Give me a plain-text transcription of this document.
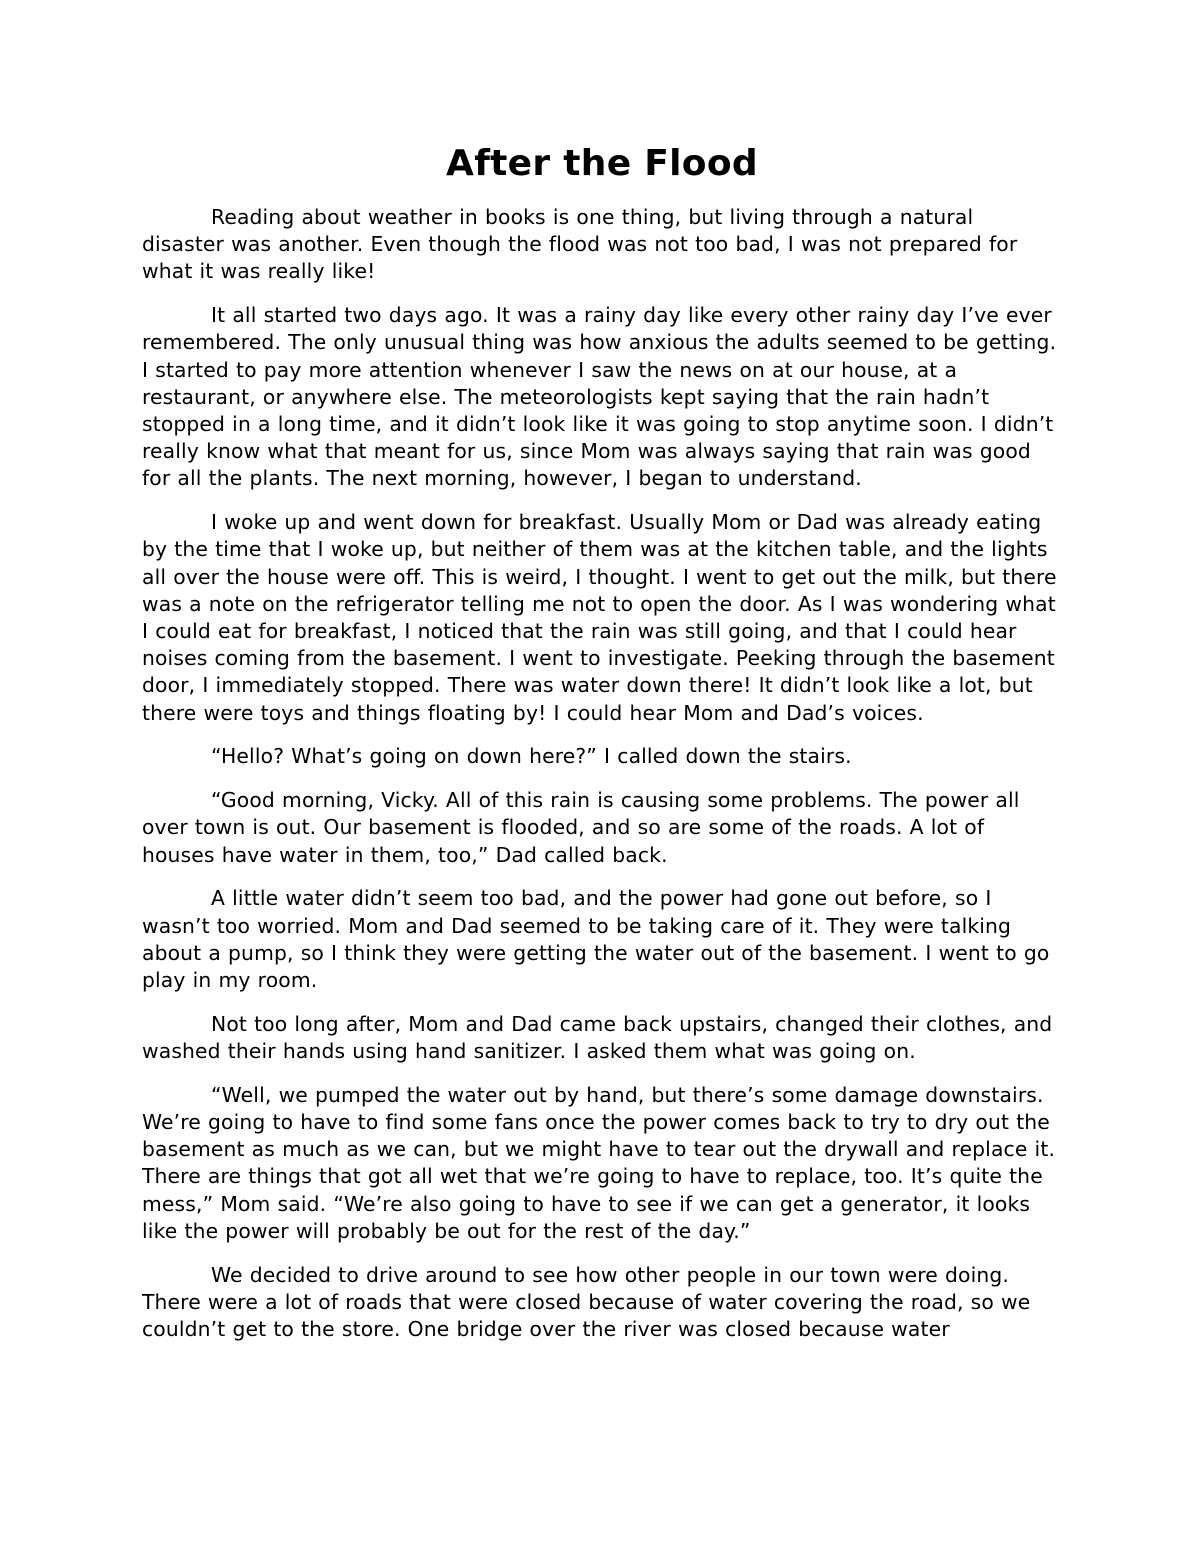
After the Flood

Reading about weather in books is one thing, but living through a natural disaster was another. Even though the flood was not too bad, I was not prepared for what it was really like!

It all started two days ago. It was a rainy day like every other rainy day I’ve ever remembered. The only unusual thing was how anxious the adults seemed to be getting. I started to pay more attention whenever I saw the news on at our house, at a restaurant, or anywhere else. The meteorologists kept saying that the rain hadn’t stopped in a long time, and it didn’t look like it was going to stop anytime soon. I didn’t really know what that meant for us, since Mom was always saying that rain was good for all the plants. The next morning, however, I began to understand.

I woke up and went down for breakfast. Usually Mom or Dad was already eating by the time that I woke up, but neither of them was at the kitchen table, and the lights all over the house were off. This is weird, I thought. I went to get out the milk, but there was a note on the refrigerator telling me not to open the door. As I was wondering what I could eat for breakfast, I noticed that the rain was still going, and that I could hear noises coming from the basement. I went to investigate. Peeking through the basement door, I immediately stopped. There was water down there! It didn’t look like a lot, but there were toys and things floating by! I could hear Mom and Dad’s voices.

“Hello? What’s going on down here?” I called down the stairs.

“Good morning, Vicky. All of this rain is causing some problems. The power all over town is out. Our basement is flooded, and so are some of the roads. A lot of houses have water in them, too,” Dad called back.

A little water didn’t seem too bad, and the power had gone out before, so I wasn’t too worried. Mom and Dad seemed to be taking care of it. They were talking about a pump, so I think they were getting the water out of the basement. I went to go play in my room.

Not too long after, Mom and Dad came back upstairs, changed their clothes, and washed their hands using hand sanitizer. I asked them what was going on.

“Well, we pumped the water out by hand, but there’s some damage downstairs. We’re going to have to find some fans once the power comes back to try to dry out the basement as much as we can, but we might have to tear out the drywall and replace it. There are things that got all wet that we’re going to have to replace, too. It’s quite the mess,” Mom said. “We’re also going to have to see if we can get a generator, it looks like the power will probably be out for the rest of the day.”

We decided to drive around to see how other people in our town were doing. There were a lot of roads that were closed because of water covering the road, so we couldn’t get to the store. One bridge over the river was closed because water
